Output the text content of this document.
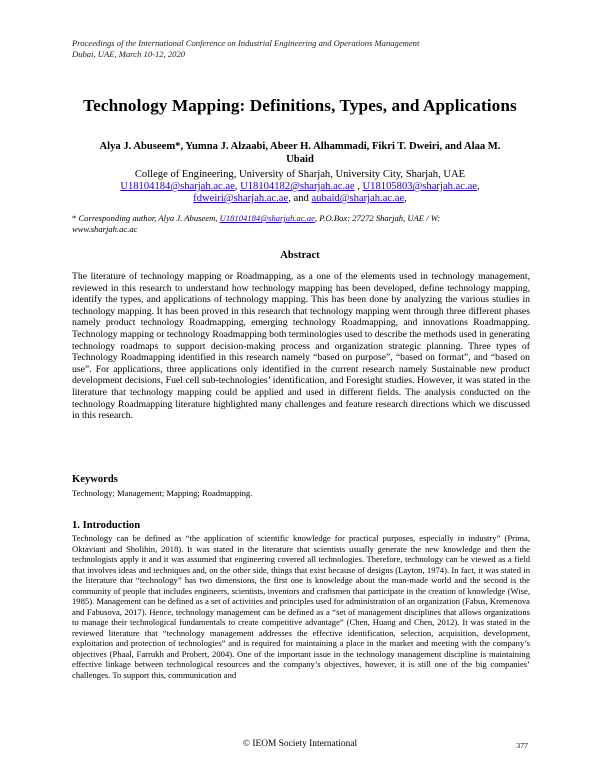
Proceedings of the International Conference on Industrial Engineering and Operations Management
Dubai, UAE, March 10-12, 2020
Technology Mapping: Definitions, Types, and Applications
Alya J. Abuseem*, Yumna J. Alzaabi, Abeer H. Alhammadi, Fikri T. Dweiri, and Alaa M.
Ubaid
College of Engineering, University of Sharjah, University City, Sharjah, UAE
U18104184@sharjah.ac.ae, U18104182@sharjah.ac.ae , U18105803@sharjah.ac.ae,
fdweiri@sharjah.ac.ae, and aubaid@sharjah.ac.ae,
* Corresponding author, Alya J. Abuseem, U18104184@sharjah.ac.ae, P.O.Box: 27272 Sharjah, UAE / W:
www.sharjah.ac.ac
Abstract
The literature of technology mapping or Roadmapping, as a one of the elements used in technology management, reviewed in this research to understand how technology mapping has been developed, define technology mapping, identify the types, and applications of technology mapping. This has been done by analyzing the various studies in technology mapping. It has been proved in this research that technology mapping went through three different phases namely product technology Roadmapping, emerging technology Roadmapping, and innovations Roadmapping. Technology mapping or technology Roadmapping both terminologies used to describe the methods used in generating technology roadmaps to support decision-making process and organization strategic planning. Three types of Technology Roadmapping identified in this research namely “based on purpose”, “based on format”, and “based on use”. For applications, three applications only identified in the current research namely Sustainable new product development decisions, Fuel cell sub-technologies’ identification, and Foresight studies. However, it was stated in the literature that technology mapping could be applied and used in different fields. The analysis conducted on the technology Roadmapping literature highlighted many challenges and feature research directions which we discussed in this research.
Keywords
Technology; Management; Mapping; Roadmapping.
1. Introduction
Technology can be defined as “the application of scientific knowledge for practical purposes, especially in industry” (Prima, Oktaviani and Sholihin, 2018). It was stated in the literature that scientists usually generate the new knowledge and then the technologists apply it and it was assumed that engineering covered all technologies. Therefore, technology can be viewed as a field that involves ideas and techniques and, on the other side, things that exist because of designs (Layton, 1974). In fact, it was stated in the literature that “technology” has two dimensions, the first one is knowledge about the man-made world and the second is the community of people that includes engineers, scientists, inventors and craftsmen that participate in the creation of knowledge (Wise, 1985). Management can be defined as a set of activities and principles used for administration of an organization (Fabus, Kremenova and Fabusova, 2017). Hence, technology management can be defined as a “set of management disciplines that allows organizations to manage their technological fundamentals to create competitive advantage” (Chen, Huang and Chen, 2012). It was stated in the reviewed literature that “technology management addresses the effective identification, selection, acquisition, development, exploitation and protection of technologies” and is required for maintaining a place in the market and meeting with the company’s objectives (Phaal, Farrukh and Probert, 2004). One of the important issue in the technology management discipline is maintaining effective linkage between technological resources and the company’s objectives, however, it is still one of the big companies’ challenges. To support this, communication and
© IEOM Society International	377
